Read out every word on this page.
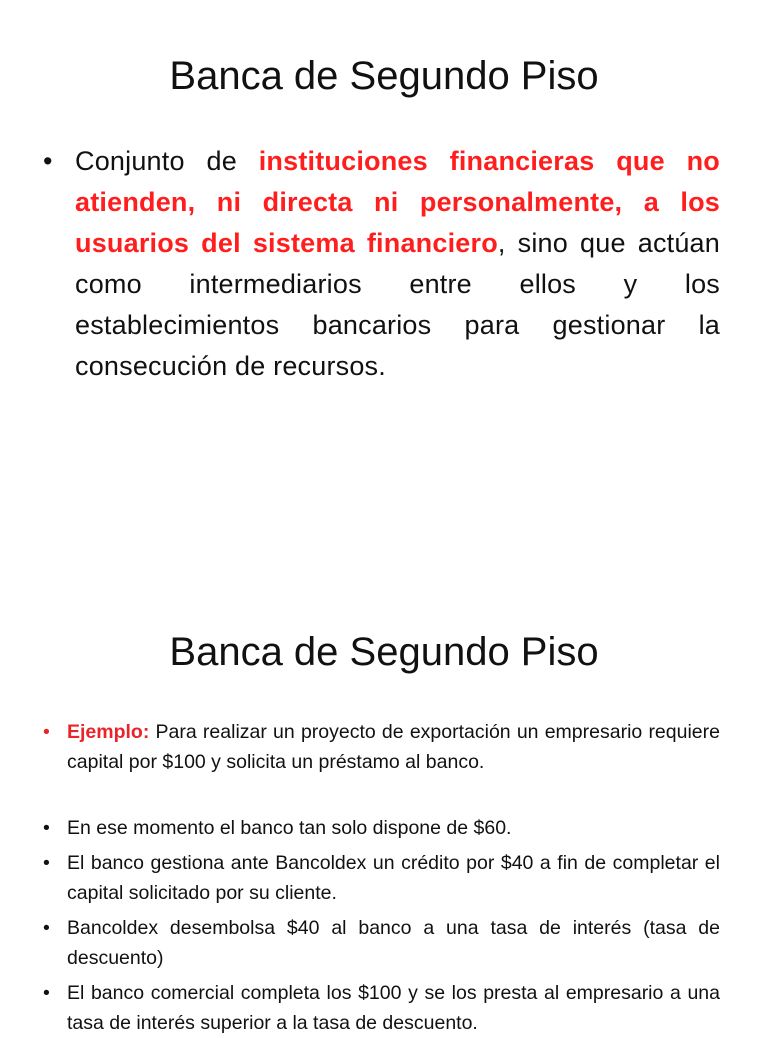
Banca de Segundo Piso
• Conjunto de instituciones financieras que no atienden, ni directa ni personalmente, a los usuarios del sistema financiero, sino que actúan como intermediarios entre ellos y los establecimientos bancarios para gestionar la consecución de recursos.
Banca de Segundo Piso
• Ejemplo: Para realizar un proyecto de exportación un empresario requiere capital por $100 y solicita un préstamo al banco.
• En ese momento el banco tan solo dispone de $60.
• El banco gestiona ante Bancoldex un crédito por $40 a fin de completar el capital solicitado por su cliente.
• Bancoldex desembolsa $40 al banco a una tasa de interés (tasa de descuento)
• El banco comercial completa los $100 y se los presta al empresario a una tasa de interés superior a la tasa de descuento.
